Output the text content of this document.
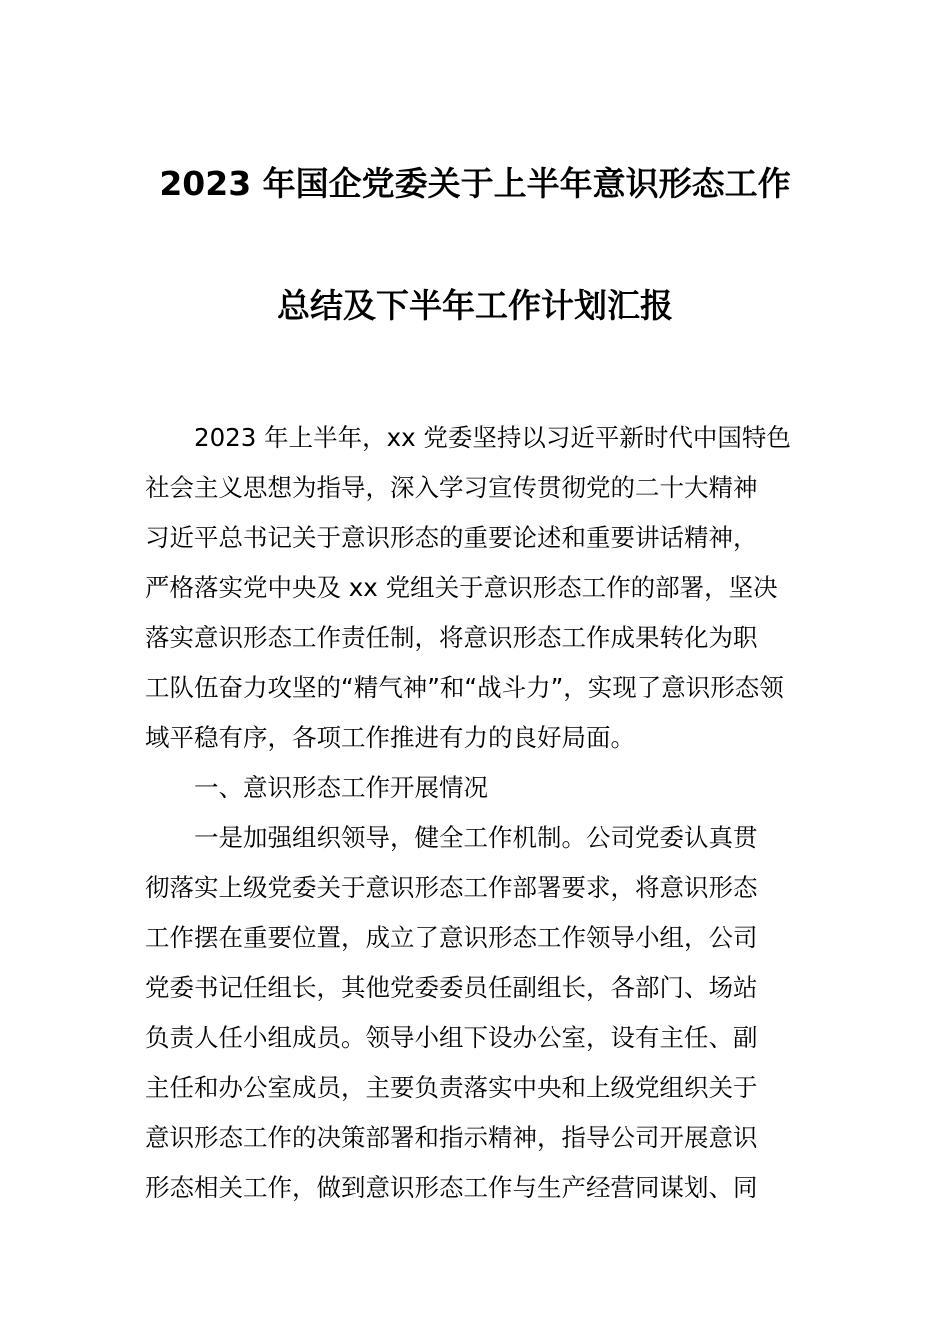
2023 年国企党委关于上半年意识形态工作
总结及下半年工作计划汇报
2023 年上半年，xx 党委坚持以习近平新时代中国特色
社会主义思想为指导，深入学习宣传贯彻党的二十大精神
习近平总书记关于意识形态的重要论述和重要讲话精神，
严格落实党中央及 xx 党组关于意识形态工作的部署，坚决
落实意识形态工作责任制，将意识形态工作成果转化为职
工队伍奋力攻坚的“精气神”和“战斗力”，实现了意识形态领
域平稳有序，各项工作推进有力的良好局面。
一、意识形态工作开展情况
一是加强组织领导，健全工作机制。公司党委认真贯
彻落实上级党委关于意识形态工作部署要求，将意识形态
工作摆在重要位置，成立了意识形态工作领导小组，公司
党委书记任组长，其他党委委员任副组长，各部门、场站
负责人任小组成员。领导小组下设办公室，设有主任、副
主任和办公室成员，主要负责落实中央和上级党组织关于
意识形态工作的决策部署和指示精神，指导公司开展意识
形态相关工作，做到意识形态工作与生产经营同谋划、同
